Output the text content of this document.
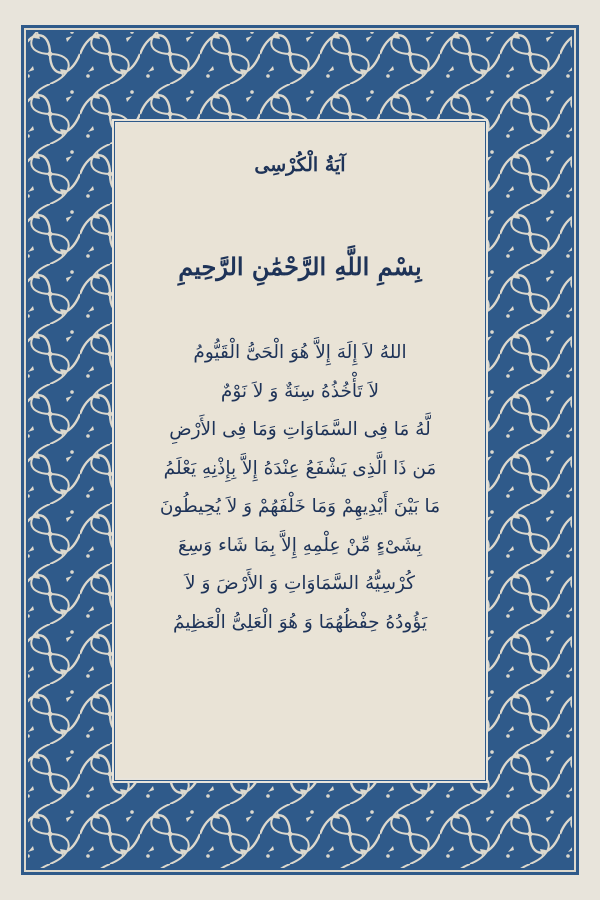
آيَةُ الْكُرْسِى
بِسْمِ اللَّهِ الرَّحْمَٰنِ الرَّحِيمِ
اللهُ لاَ إِلَهَ إِلاَّ هُوَ الْحَىُّ الْقَيُّومُ
لاَ تَأْخُذُهُ سِنَةٌ وَ لاَ نَوْمٌ
لَّهُ مَا فِى السَّمَاوَاتِ وَمَا فِى الأَرْضِ
مَن ذَا الَّذِى يَشْفَعُ عِنْدَهُ إِلاَّ بِإِذْنِهِ يَعْلَمُ
مَا بَيْنَ أَيْدِيهِمْ وَمَا خَلْفَهُمْ وَ لاَ يُحِيطُونَ
بِشَىْءٍ مِّنْ عِلْمِهِ إِلاَّ بِمَا شَاء وَسِعَ
كُرْسِيُّهُ السَّمَاوَاتِ وَ الأَرْضَ وَ لاَ
يَؤُودُهُ حِفْظُهُمَا وَ هُوَ الْعَلِىُّ الْعَظِيمُ
